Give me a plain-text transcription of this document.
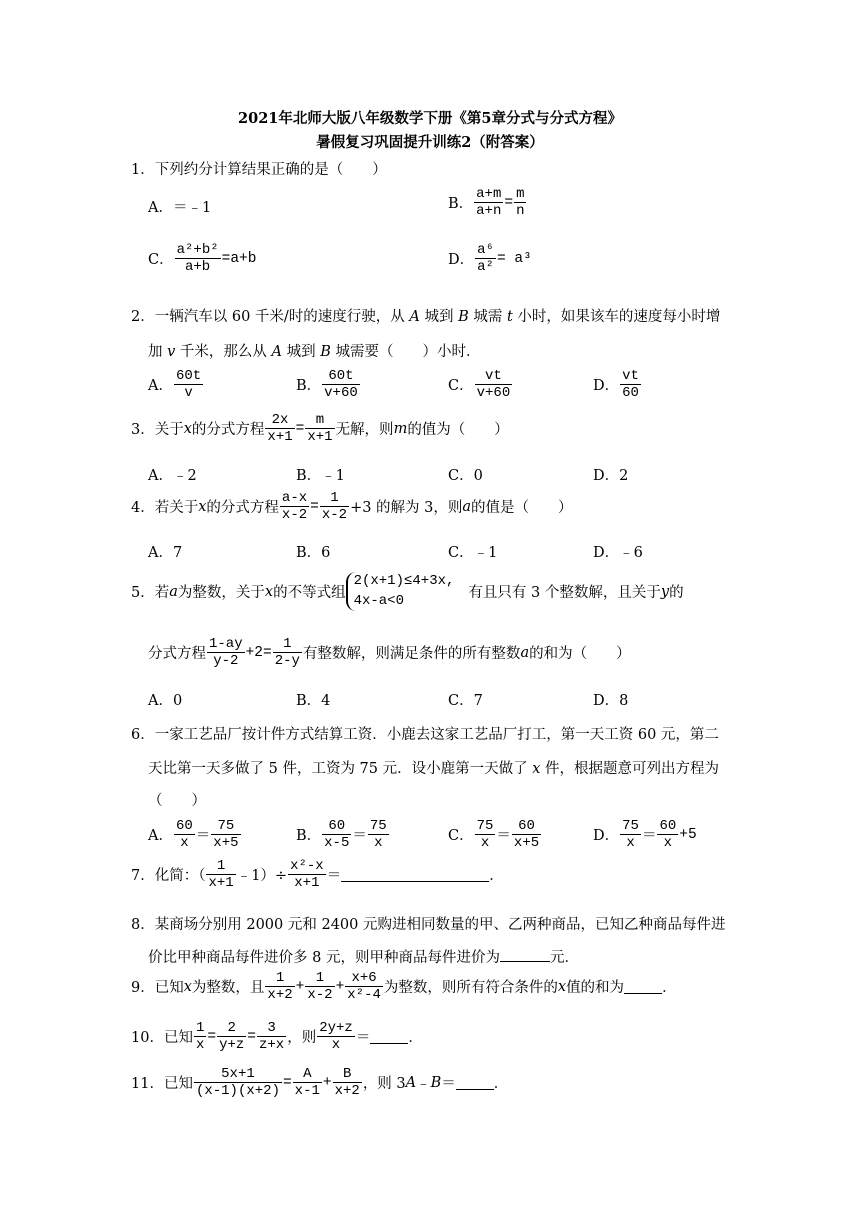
2021年北师大版八年级数学下册《第5章分式与分式方程》
暑假复习巩固提升训练2（附答案）
1．下列约分计算结果正确的是（　　）
A．＝﹣1	B． $\frac{a+m}{a+n} = \frac{m}{n}$
C． $\frac{\text{a²+b²}}{a+b} =a+b$	D． $\frac{\text{a⁶}}{\text{a²}} = a^3$
2．一辆汽车以 60 千米/时的速度行驶，从 A 城到 B 城需 t 小时，如果该车的速度每小时增
加 v 千米，那么从 A 城到 B 城需要（　　）小时．
A． $\frac{60t}{v}$	B． $\frac{60t}{v+60}$	C． $\frac{vt}{v+60}$	D． $\frac{vt}{60}$
3． 关于 x 的分式方程 $\frac{2x}{x+1} = \frac{m}{x+1}$ 无解，则 m 的值为（　　）
A．﹣2	B．﹣1	C．0	D．2
4． 若关于 x 的分式方程 $\frac{a-x}{x-2} = \frac{1}{x-2} +3$ 的解为 3，则 a 的值是（　　）
A．7	B．6	C．﹣1	D．﹣6
5． 若 a 为整数，关于 x 的不等式组
2(x+1)≤4+3x,
4x-a<0	有且只有 3 个整数解，且关于 y 的
分式方程 $\frac{1-ay}{y-2} +2= \frac{1}{2-y}$ 有整数解，则满足条件的所有整数 a 的和为（　　）
A．0	B．4	C．7	D．8
6．一家工艺品厂按计件方式结算工资．小鹿去这家工艺品厂打工，第一天工资 60 元，第二
天比第一天多做了 5 件，工资为 75 元．设小鹿第一天做了 x 件，根据题意可列出方程为
（　　）
A． $\frac{60}{x} = \frac{75}{x+5}$	B． $\frac{60}{x-5} = \frac{75}{x}$	C． $\frac{75}{x} = \frac{60}{x+5}$	D． $\frac{75}{x} = \frac{60}{x} +5$
7． 化简：（ $\frac{1}{x+1}$ ﹣1）÷ $\frac{\text{x²-x}}{x+1}$ ＝	．
8．某商场分别用 2000 元和 2400 元购进相同数量的甲、乙两种商品，已知乙种商品每件进
价比甲种商品每件进价多 8 元，则甲种商品每件进价为	元．
9． 已知 x 为整数，且 $\frac{1}{x+2} + \frac{1}{x-2} + \frac{x+6}{\text{x²-4}}$ 为整数，则所有符合条件的 x 值的和为	．
10． 已知 $\frac{1}{x} = \frac{2}{y+z} = \frac{3}{z+x}$ ，则 $\frac{2y+z}{x}$ ＝	．
11． 已知 $\frac{5x+1}{(x-1)(x+2)} = \frac{A}{x-1} + \frac{B}{x+2}$ ，则 3 A ﹣ B ＝	．
